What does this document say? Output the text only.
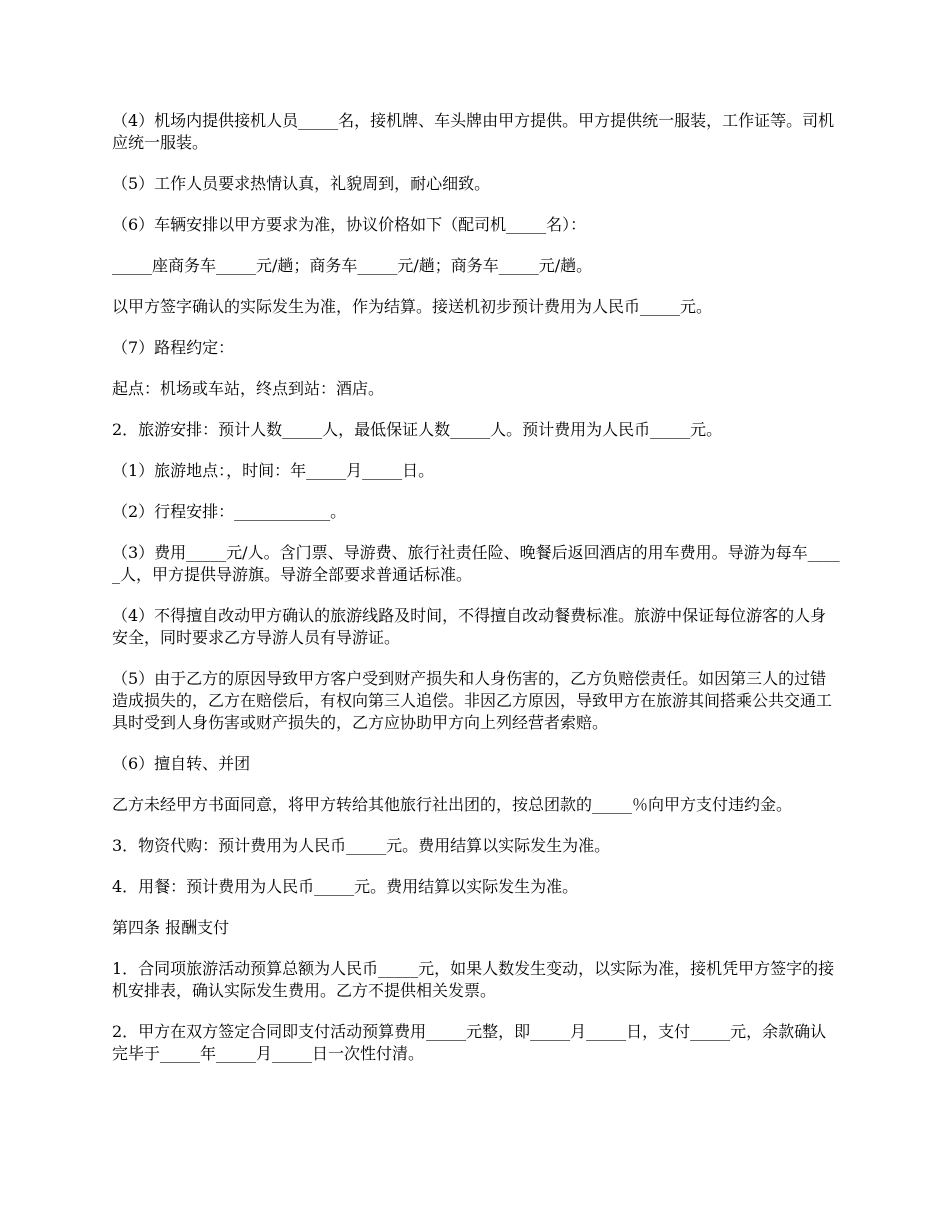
（4）机场内提供接机人员_____名，接机牌、车头牌由甲方提供。甲方提供统一服装，工作证等。司机应统一服装。

（5）工作人员要求热情认真，礼貌周到，耐心细致。

（6）车辆安排以甲方要求为准，协议价格如下（配司机_____名）：

_____座商务车_____元/趟；商务车_____元/趟；商务车_____元/趟。

以甲方签字确认的实际发生为准，作为结算。接送机初步预计费用为人民币_____元。

（7）路程约定：

起点：机场或车站，终点到站：酒店。

2．旅游安排：预计人数_____人，最低保证人数_____人。预计费用为人民币_____元。

（1）旅游地点：，时间：年_____月_____日。

（2）行程安排：____________。

（3）费用_____元/人。含门票、导游费、旅行社责任险、晚餐后返回酒店的用车费用。导游为每车_____人，甲方提供导游旗。导游全部要求普通话标准。

（4）不得擅自改动甲方确认的旅游线路及时间，不得擅自改动餐费标准。旅游中保证每位游客的人身安全，同时要求乙方导游人员有导游证。

（5）由于乙方的原因导致甲方客户受到财产损失和人身伤害的，乙方负赔偿责任。如因第三人的过错造成损失的，乙方在赔偿后，有权向第三人追偿。非因乙方原因，导致甲方在旅游其间搭乘公共交通工具时受到人身伤害或财产损失的，乙方应协助甲方向上列经营者索赔。

（6）擅自转、并团

乙方未经甲方书面同意，将甲方转给其他旅行社出团的，按总团款的_____％向甲方支付违约金。

3．物资代购：预计费用为人民币_____元。费用结算以实际发生为准。

4．用餐：预计费用为人民币_____元。费用结算以实际发生为准。

第四条 报酬支付

1．合同项旅游活动预算总额为人民币_____元，如果人数发生变动，以实际为准，接机凭甲方签字的接机安排表，确认实际发生费用。乙方不提供相关发票。

2．甲方在双方签定合同即支付活动预算费用_____元整，即_____月_____日，支付_____元，余款确认完毕于_____年_____月_____日一次性付清。
